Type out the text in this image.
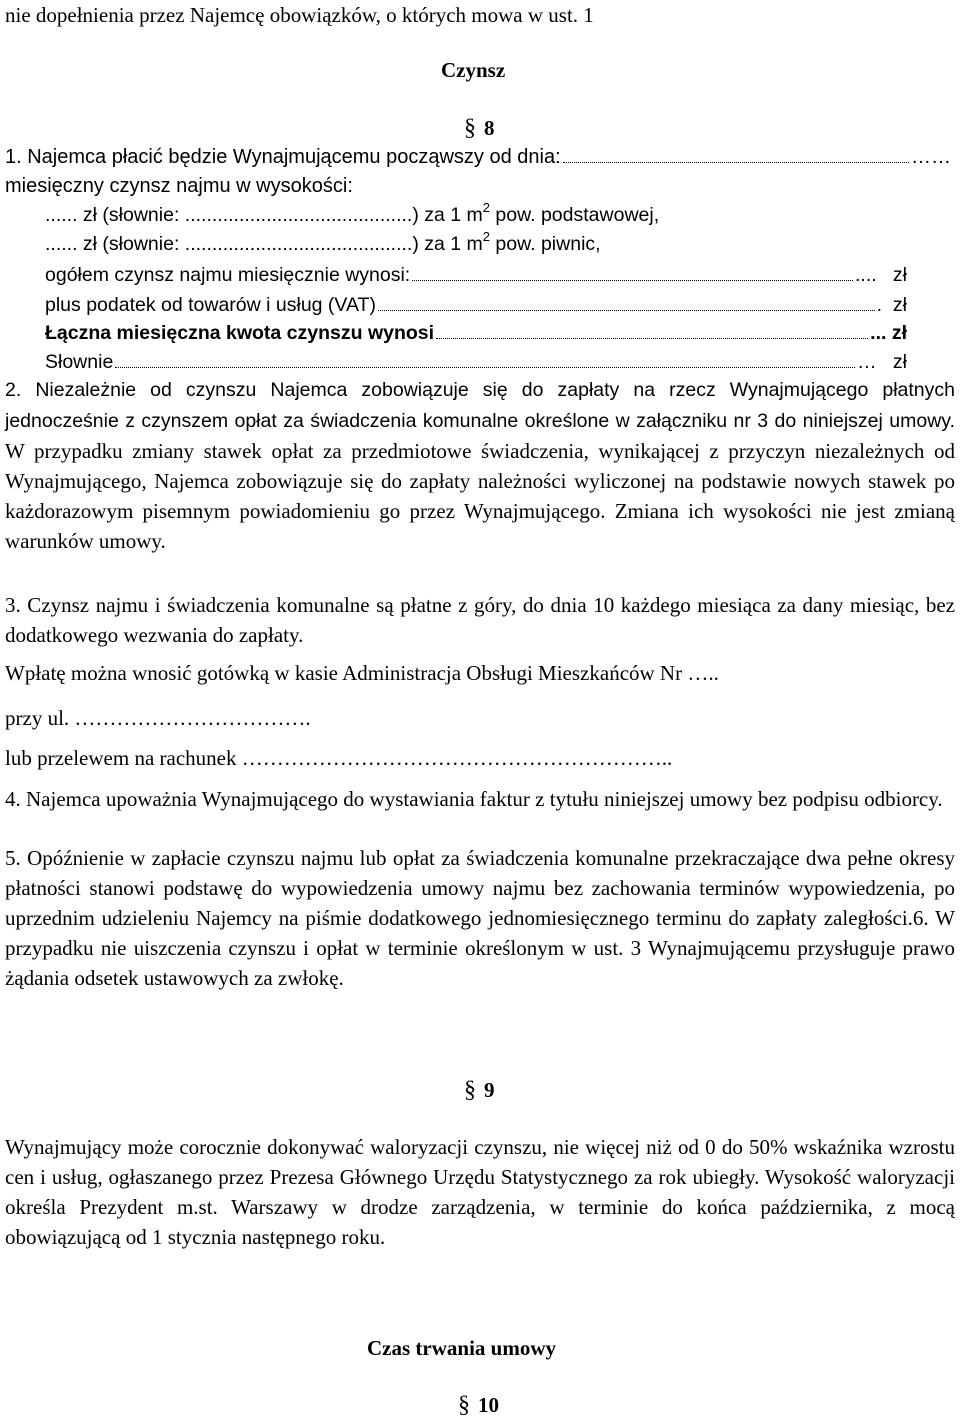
nie dopełnienia przez Najemcę obowiązków, o których mowa w ust. 1
Czynsz
§ 8
1. Najemca płacić będzie Wynajmującemu począwszy od dnia:	……
miesięczny czynsz najmu w wysokości:
...... zł (słownie: ..........................................) za 1 $m^2$ pow. podstawowej,
...... zł (słownie: ..........................................) za 1 $m^2$ pow. piwnic,
ogółem czynsz najmu miesięcznie wynosi:	....   zł
plus podatek od towarów i usług (VAT)	.  zł
Łączna miesięczna kwota czynszu wynosi	... zł
Słownie	…   zł
2. Niezależnie od czynszu Najemca zobowiązuje się do zapłaty na rzecz Wynajmującego płatnych jednocześnie z czynszem opłat za świadczenia komunalne określone w załączniku nr 3 do niniejszej umowy. W przypadku zmiany stawek opłat za przedmiotowe świadczenia, wynikającej z przyczyn niezależnych od Wynajmującego, Najemca zobowiązuje się do zapłaty należności wyliczonej na podstawie nowych stawek po każdorazowym pisemnym powiadomieniu go przez Wynajmującego. Zmiana ich wysokości nie jest zmianą warunków umowy.
3. Czynsz najmu i świadczenia komunalne są płatne z góry, do dnia 10 każdego miesiąca za dany miesiąc, bez dodatkowego wezwania do zapłaty.
Wpłatę można wnosić gotówką w kasie Administracja Obsługi Mieszkańców Nr …..
przy ul. …………………………….
lub przelewem na rachunek ……………………………………………………..
4. Najemca upoważnia Wynajmującego do wystawiania faktur z tytułu niniejszej umowy bez podpisu odbiorcy.
5. Opóźnienie w zapłacie czynszu najmu lub opłat za świadczenia komunalne przekraczające dwa pełne okresy płatności stanowi podstawę do wypowiedzenia umowy najmu bez zachowania terminów wypowiedzenia, po uprzednim udzieleniu Najemcy na piśmie dodatkowego jednomiesięcznego terminu do zapłaty zaległości.6. W przypadku nie uiszczenia czynszu i opłat w terminie określonym w ust. 3 Wynajmującemu przysługuje prawo żądania odsetek ustawowych za zwłokę.
§ 9
Wynajmujący może corocznie dokonywać waloryzacji czynszu, nie więcej niż od 0 do 50% wskaźnika wzrostu cen i usług, ogłaszanego przez Prezesa Głównego Urzędu Statystycznego za rok ubiegły. Wysokość waloryzacji określa Prezydent m.st. Warszawy w drodze zarządzenia, w terminie do końca października, z mocą obowiązującą od 1 stycznia następnego roku.
Czas trwania umowy
§ 10
